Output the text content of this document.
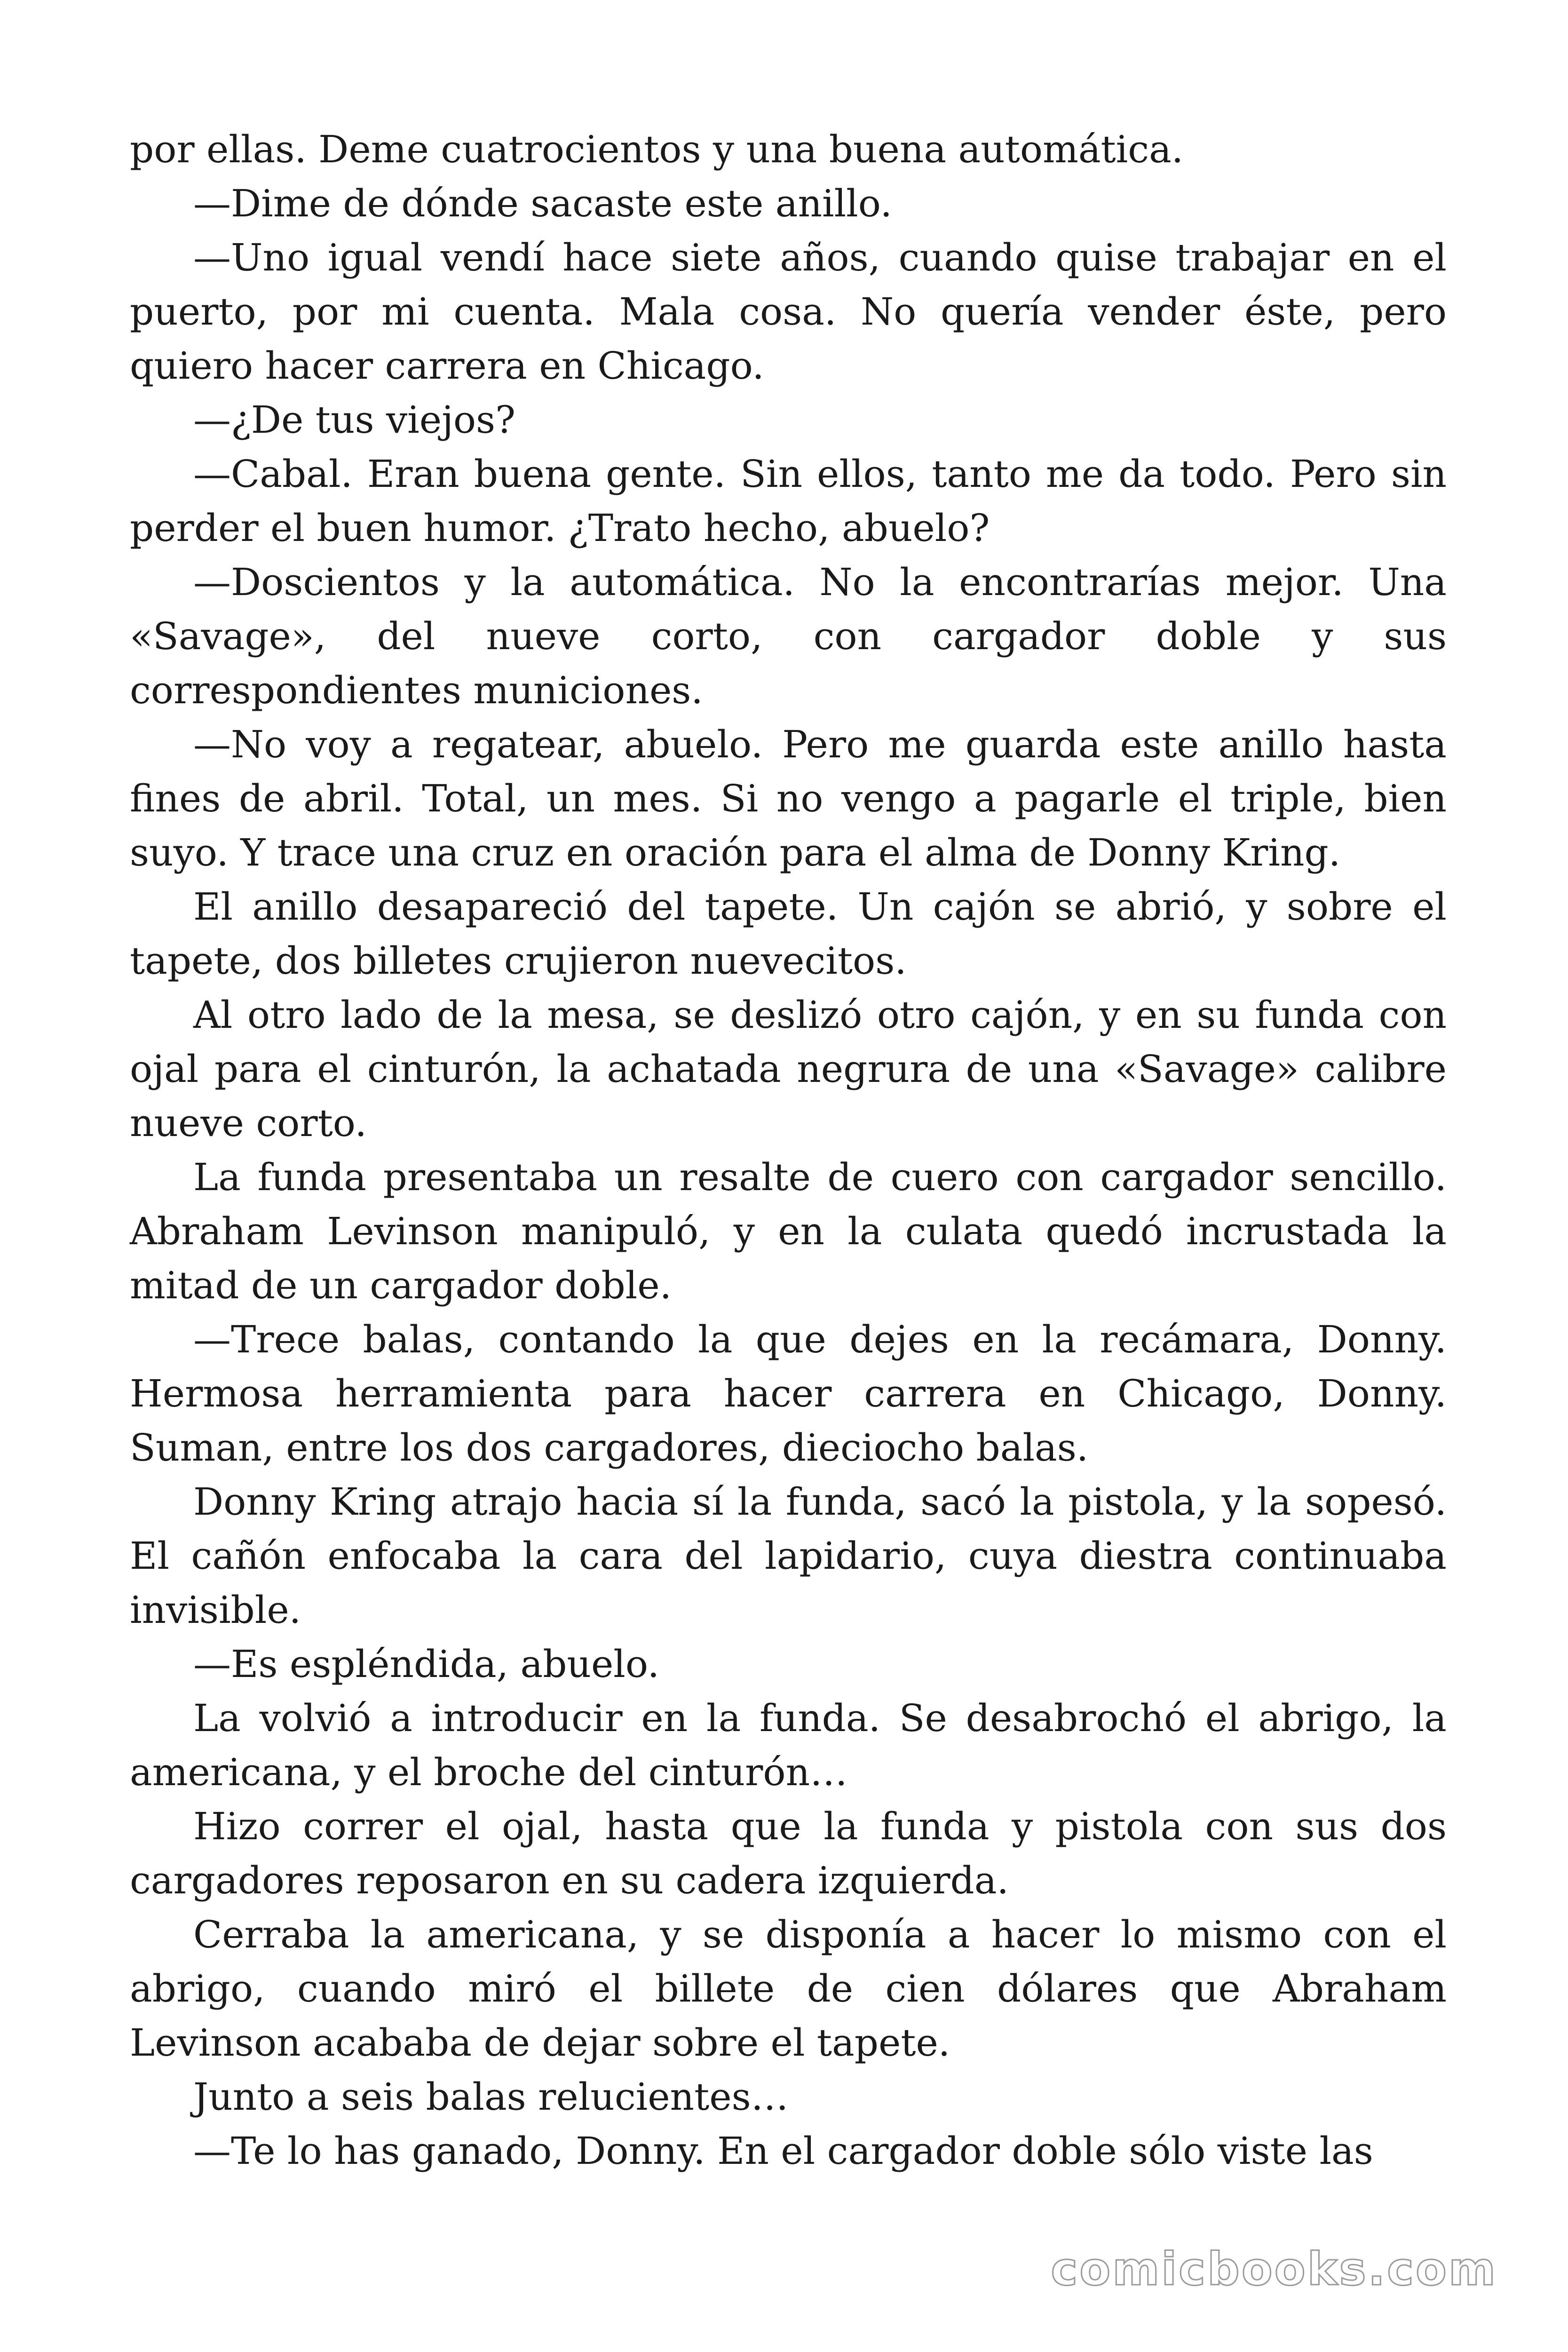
por ellas. Deme cuatrocientos y una buena automática.

—Dime de dónde sacaste este anillo.

—Uno igual vendí hace siete años, cuando quise trabajar en el puerto, por mi cuenta. Mala cosa. No quería vender éste, pero quiero hacer carrera en Chicago.

—¿De tus viejos?

—Cabal. Eran buena gente. Sin ellos, tanto me da todo. Pero sin perder el buen humor. ¿Trato hecho, abuelo?

—Doscientos y la automática. No la encontrarías mejor. Una «Savage», del nueve corto, con cargador doble y sus correspondientes municiones.

—No voy a regatear, abuelo. Pero me guarda este anillo hasta fines de abril. Total, un mes. Si no vengo a pagarle el triple, bien suyo. Y trace una cruz en oración para el alma de Donny Kring.

El anillo desapareció del tapete. Un cajón se abrió, y sobre el tapete, dos billetes crujieron nuevecitos.

Al otro lado de la mesa, se deslizó otro cajón, y en su funda con ojal para el cinturón, la achatada negrura de una «Savage» calibre nueve corto.

La funda presentaba un resalte de cuero con cargador sencillo. Abraham Levinson manipuló, y en la culata quedó incrustada la mitad de un cargador doble.

—Trece balas, contando la que dejes en la recámara, Donny. Hermosa herramienta para hacer carrera en Chicago, Donny. Suman, entre los dos cargadores, dieciocho balas.

Donny Kring atrajo hacia sí la funda, sacó la pistola, y la sopesó. El cañón enfocaba la cara del lapidario, cuya diestra continuaba invisible.

—Es espléndida, abuelo.

La volvió a introducir en la funda. Se desabrochó el abrigo, la americana, y el broche del cinturón…

Hizo correr el ojal, hasta que la funda y pistola con sus dos cargadores reposaron en su cadera izquierda.

Cerraba la americana, y se disponía a hacer lo mismo con el abrigo, cuando miró el billete de cien dólares que Abraham Levinson acababa de dejar sobre el tapete.

Junto a seis balas relucientes…

—Te lo has ganado, Donny. En el cargador doble sólo viste las

comicbooks.com
